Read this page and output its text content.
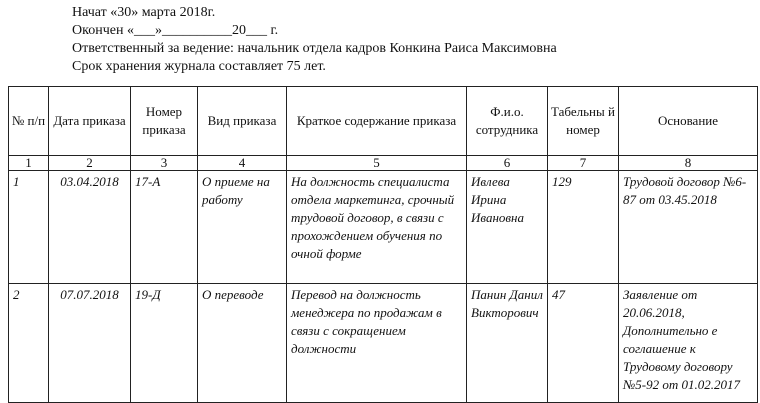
Начат «30» марта 2018г.
Окончен «___»__________20___ г.
Ответственный за ведение: начальник отдела кадров Конкина Раиса Максимовна
Срок хранения журнала составляет 75 лет.
№ п/п	Дата приказа	Номер приказа	Вид приказа	Краткое содержание приказа	Ф.и.о. сотрудника	Табельны й номер	Основание
1	2	3	4	5	6	7	8

1	03.04.2018	17-А	О приеме на работу	На должность специалиста отдела маркетинга, срочный трудовой договор, в связи с прохождением обучения по очной форме	Ивлева Ирина Ивановна	129	Трудовой договор №6-87 от 03.45.2018

2	07.07.2018	19-Д	О переводе	Перевод на должность менеджера по продажам в связи с сокращением должности	Панин Данил Викторович	47	Заявление от 20.06.2018, Дополнительно е соглашение к Трудовому договору №5-92 от 01.02.2017
